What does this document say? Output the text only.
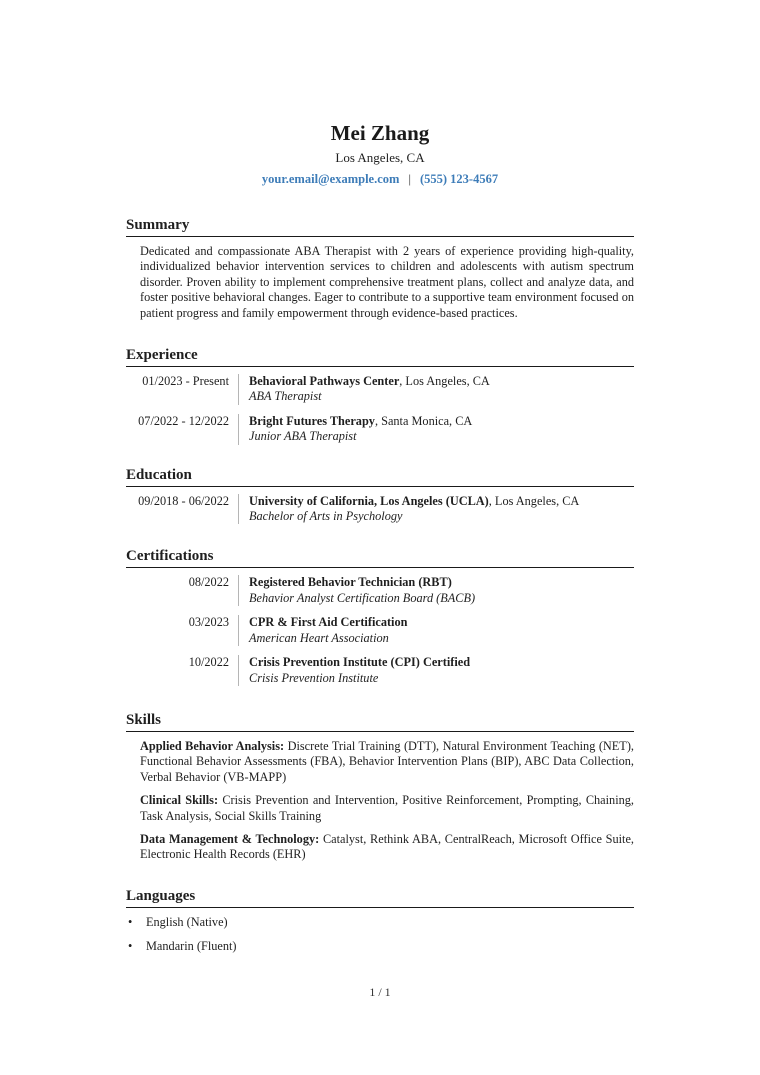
Mei Zhang
Los Angeles, CA
your.email@example.com | (555) 123-4567
Summary
Dedicated and compassionate ABA Therapist with 2 years of experience providing high-quality, individualized behavior intervention services to children and adolescents with autism spectrum disorder. Proven ability to implement comprehensive treatment plans, collect and analyze data, and foster positive behavioral changes. Eager to contribute to a supportive team environment focused on patient progress and family empowerment through evidence-based practices.
Experience
01/2023 - Present	Behavioral Pathways Center, Los Angeles, CA
ABA Therapist
07/2022 - 12/2022	Bright Futures Therapy, Santa Monica, CA
Junior ABA Therapist
Education
09/2018 - 06/2022	University of California, Los Angeles (UCLA), Los Angeles, CA
Bachelor of Arts in Psychology
Certifications
08/2022	Registered Behavior Technician (RBT)
Behavior Analyst Certification Board (BACB)
03/2023	CPR & First Aid Certification
American Heart Association
10/2022	Crisis Prevention Institute (CPI) Certified
Crisis Prevention Institute
Skills
Applied Behavior Analysis: Discrete Trial Training (DTT), Natural Environment Teaching (NET), Functional Behavior Assessments (FBA), Behavior Intervention Plans (BIP), ABC Data Collection, Verbal Behavior (VB-MAPP)
Clinical Skills: Crisis Prevention and Intervention, Positive Reinforcement, Prompting, Chaining, Task Analysis, Social Skills Training
Data Management & Technology: Catalyst, Rethink ABA, CentralReach, Microsoft Office Suite, Electronic Health Records (EHR)
Languages
• English (Native)
• Mandarin (Fluent)
1 / 1
